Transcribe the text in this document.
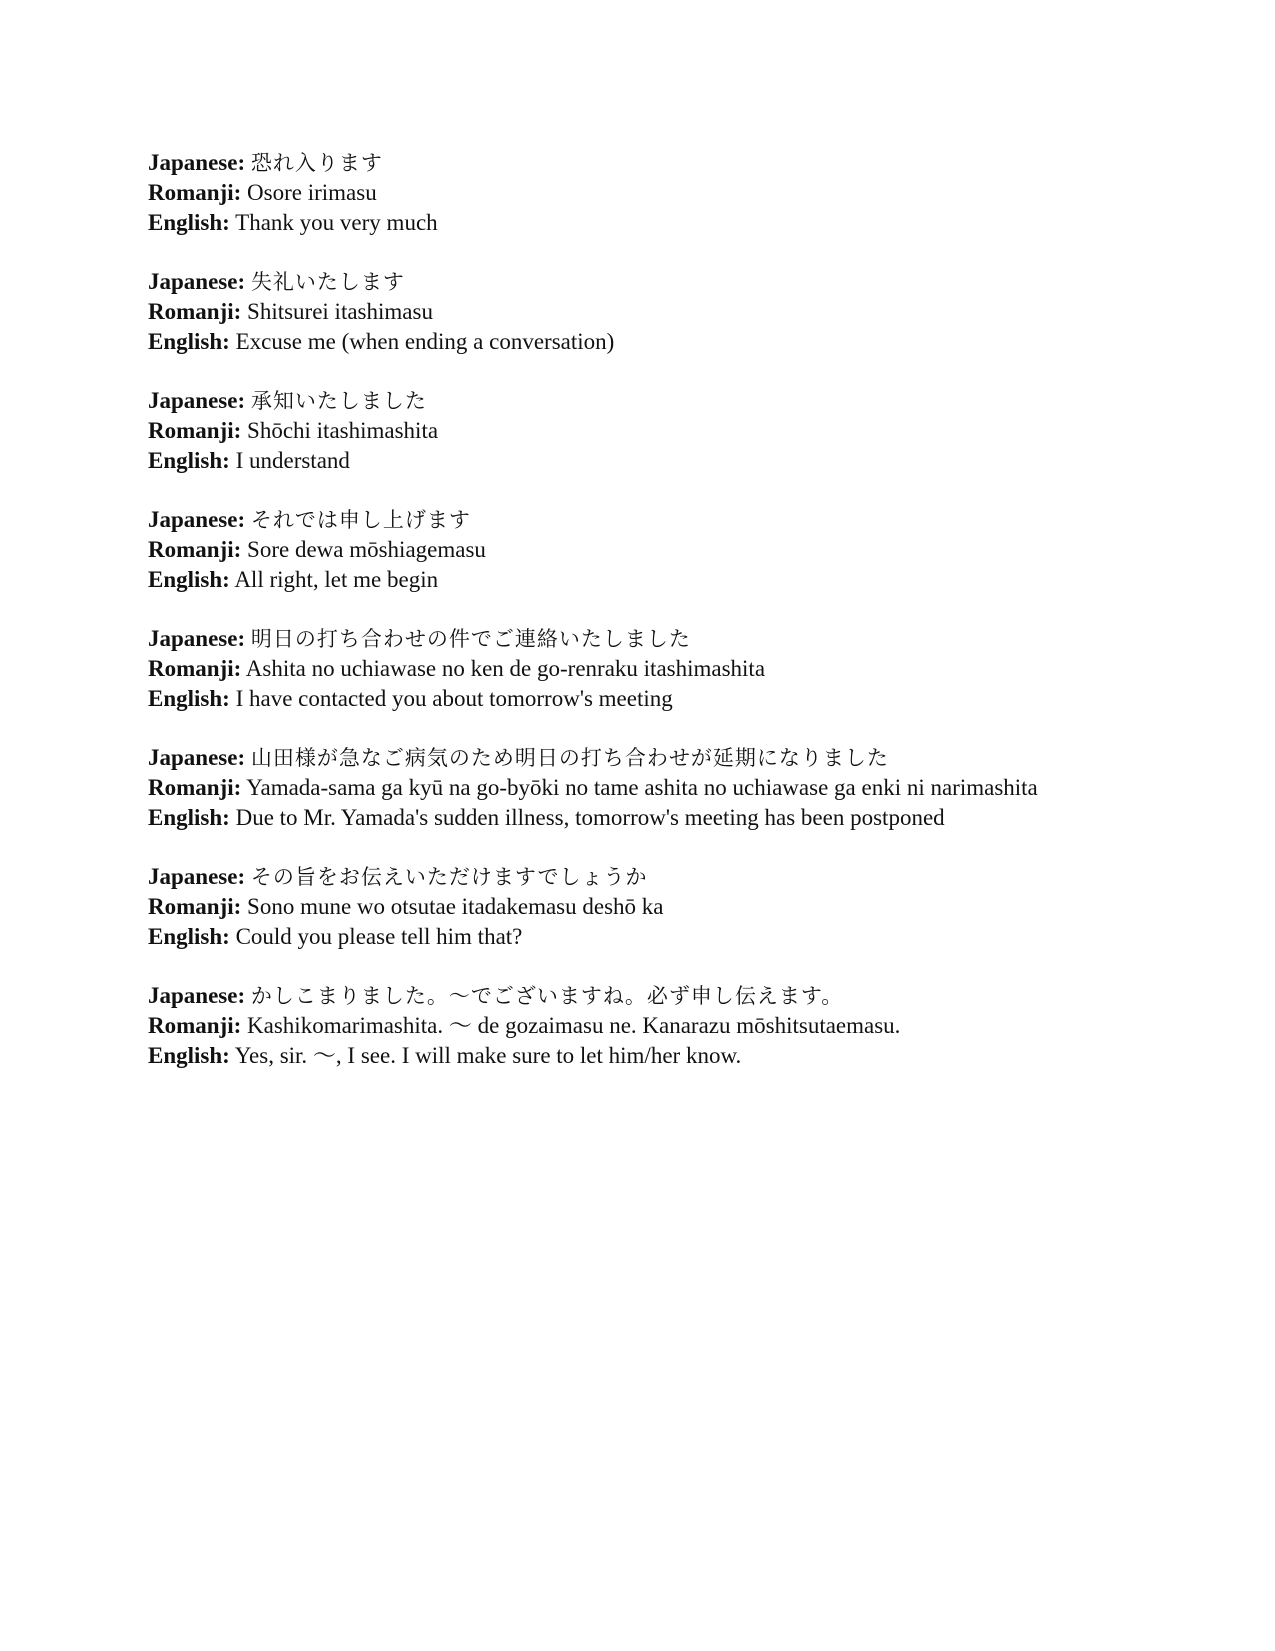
Japanese: 恐れ入ります
Romanji: Osore irimasu
English: Thank you very much
Japanese: 失礼いたします
Romanji: Shitsurei itashimasu
English: Excuse me (when ending a conversation)
Japanese: 承知いたしました
Romanji: Shōchi itashimashita
English: I understand
Japanese: それでは申し上げます
Romanji: Sore dewa mōshiagemasu
English: All right, let me begin
Japanese: 明日の打ち合わせの件でご連絡いたしました
Romanji: Ashita no uchiawase no ken de go-renraku itashimashita
English: I have contacted you about tomorrow's meeting
Japanese: 山田様が急なご病気のため明日の打ち合わせが延期になりました
Romanji: Yamada-sama ga kyū na go-byōki no tame ashita no uchiawase ga enki ni narimashita
English: Due to Mr. Yamada's sudden illness, tomorrow's meeting has been postponed
Japanese: その旨をお伝えいただけますでしょうか
Romanji: Sono mune wo otsutae itadakemasu deshō ka
English: Could you please tell him that?
Japanese: かしこまりました。〜でございますね。必ず申し伝えます。
Romanji: Kashikomarimashita. 〜 de gozaimasu ne. Kanarazu mōshitsutaemasu.
English: Yes, sir. 〜, I see. I will make sure to let him/her know.
